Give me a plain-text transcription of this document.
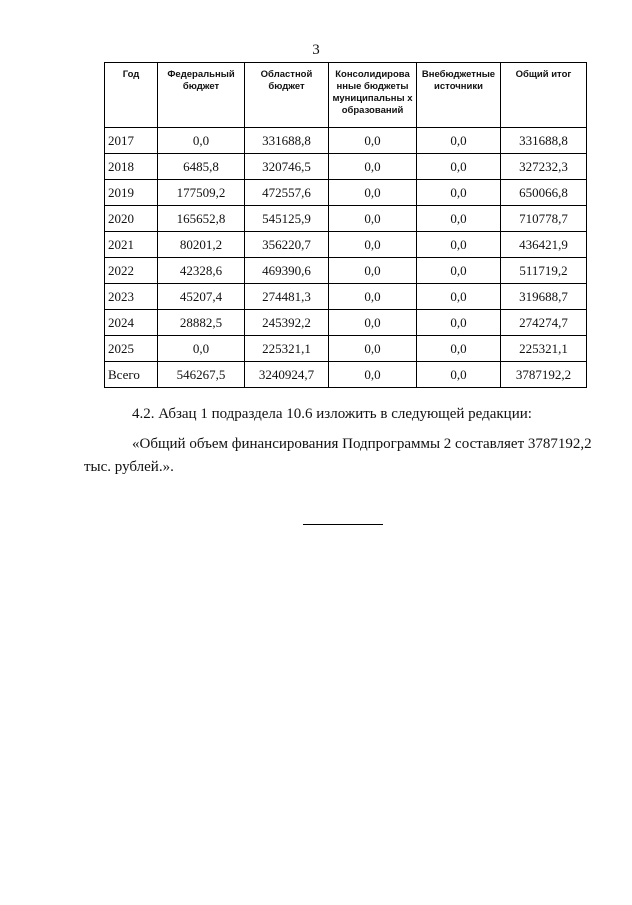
3
Год	Федеральный бюджет	Областной бюджет	Консолидирова нные бюджеты муниципальны х образований	Внебюджетные источники	Общий итог
2017	0,0	331688,8	0,0	0,0	331688,8
2018	6485,8	320746,5	0,0	0,0	327232,3
2019	177509,2	472557,6	0,0	0,0	650066,8
2020	165652,8	545125,9	0,0	0,0	710778,7
2021	80201,2	356220,7	0,0	0,0	436421,9
2022	42328,6	469390,6	0,0	0,0	511719,2
2023	45207,4	274481,3	0,0	0,0	319688,7
2024	28882,5	245392,2	0,0	0,0	274274,7
2025	0,0	225321,1	0,0	0,0	225321,1
Всего	546267,5	3240924,7	0,0	0,0	3787192,2
4.2. Абзац 1 подраздела 10.6 изложить в следующей редакции:
«Общий объем финансирования Подпрограммы 2 составляет 3787192,2
тыс. рублей.».
